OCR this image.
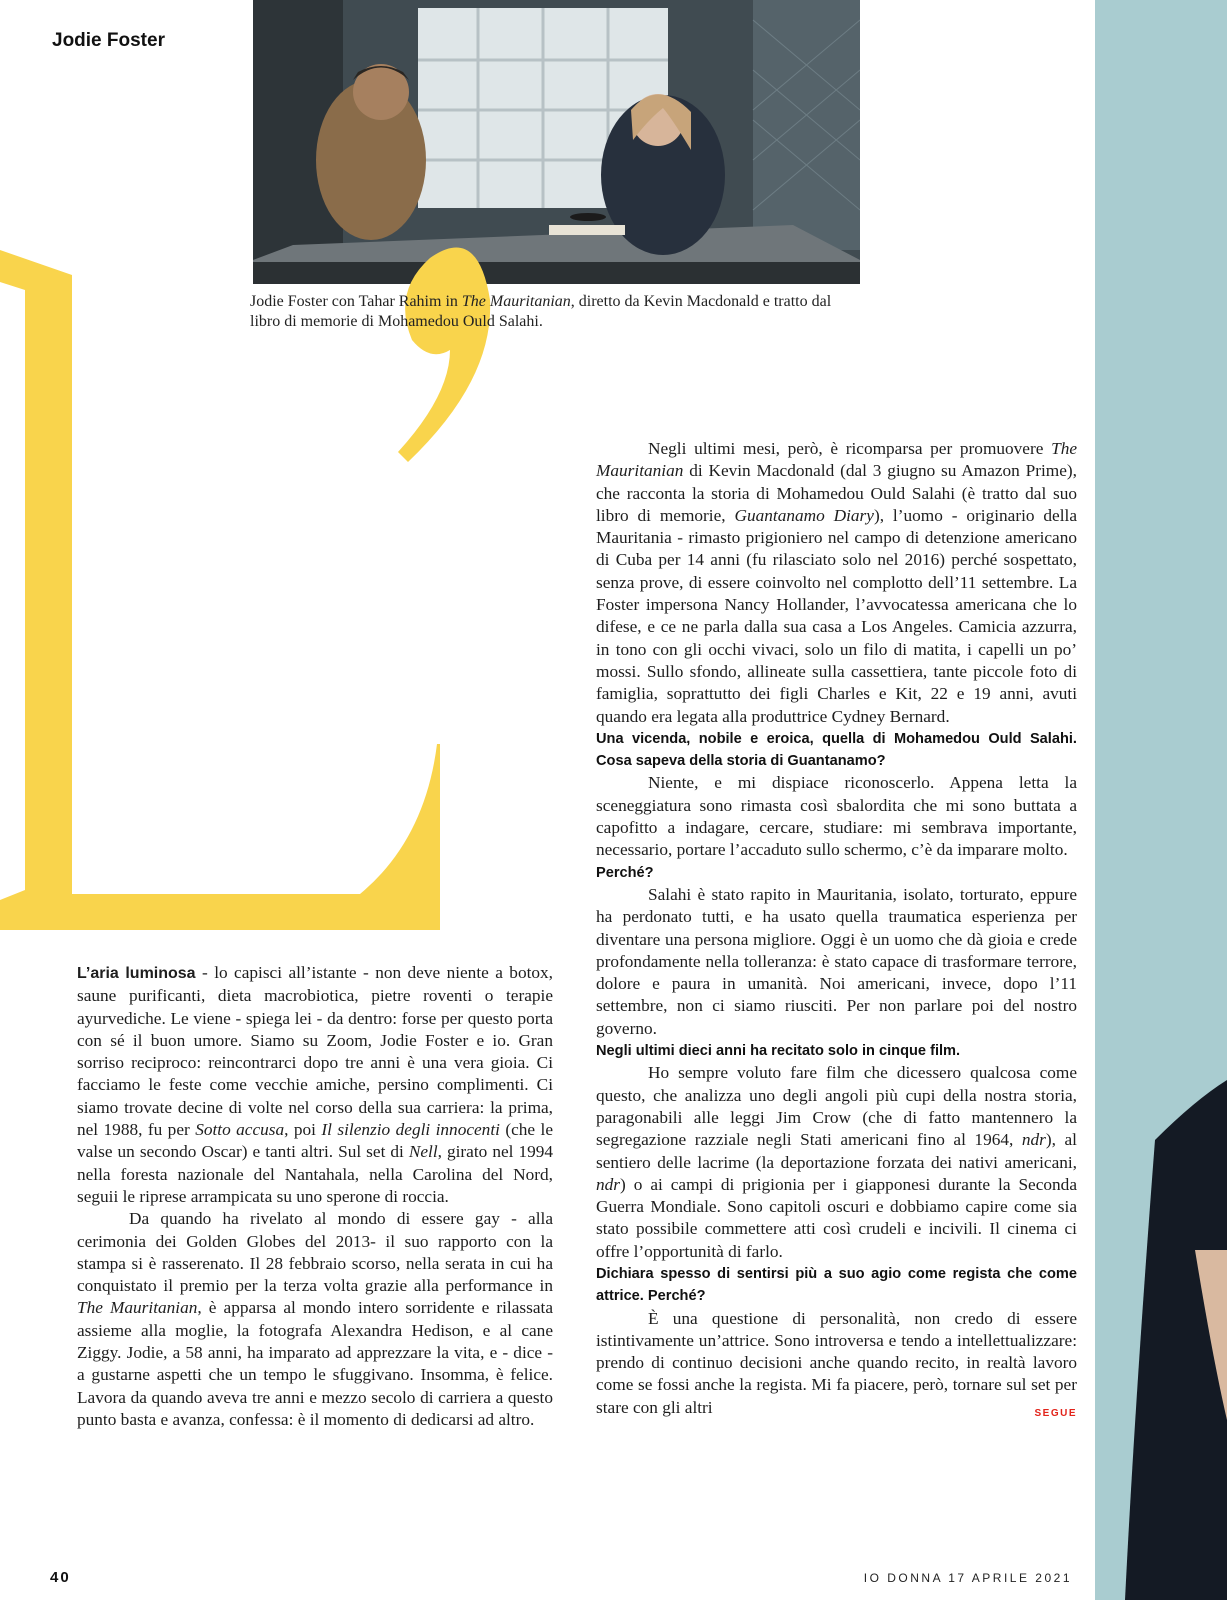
Jodie Foster
Jodie Foster con Tahar Rahim in The Mauritanian, diretto da Kevin Macdonald e tratto dal libro di memorie di Mohamedou Ould Salahi.

L’aria luminosa - lo capisci all’istante - non deve niente a botox, saune purificanti, dieta macrobiotica, pietre roventi o terapie ayurvediche. Le viene - spiega lei - da dentro: forse per questo porta con sé il buon umore. Siamo su Zoom, Jodie Foster e io. Gran sorriso reciproco: reincontrarci dopo tre anni è una vera gioia. Ci facciamo le feste come vecchie amiche, persino complimenti. Ci siamo trovate decine di volte nel corso della sua carriera: la prima, nel 1988, fu per Sotto accusa, poi Il silenzio degli innocenti (che le valse un secondo Oscar) e tanti altri. Sul set di Nell, girato nel 1994 nella foresta nazionale del Nantahala, nella Carolina del Nord, seguii le riprese arrampicata su uno sperone di roccia.

Da quando ha rivelato al mondo di essere gay - alla cerimonia dei Golden Globes del 2013- il suo rapporto con la stampa si è rasserenato. Il 28 febbraio scorso, nella serata in cui ha conquistato il premio per la terza volta grazie alla performance in The Mauritanian, è apparsa al mondo intero sorridente e rilassata assieme alla moglie, la fotografa Alexandra Hedison, e al cane Ziggy. Jodie, a 58 anni, ha imparato ad apprezzare la vita, e - dice - a gustarne aspetti che un tempo le sfuggivano. Insomma, è felice. Lavora da quando aveva tre anni e mezzo secolo di carriera a questo punto basta e avanza, confessa: è il momento di dedicarsi ad altro.

Negli ultimi mesi, però, è ricomparsa per promuovere The Mauritanian di Kevin Macdonald (dal 3 giugno su Amazon Prime), che racconta la storia di Mohamedou Ould Salahi (è tratto dal suo libro di memorie, Guantanamo Diary), l’uomo - originario della Mauritania - rimasto prigioniero nel campo di detenzione americano di Cuba per 14 anni (fu rilasciato solo nel 2016) perché sospettato, senza prove, di essere coinvolto nel complotto dell’11 settembre. La Foster impersona Nancy Hollander, l’avvocatessa americana che lo difese, e ce ne parla dalla sua casa a Los Angeles. Camicia azzurra, in tono con gli occhi vivaci, solo un filo di matita, i capelli un po’ mossi. Sullo sfondo, allineate sulla cassettiera, tante piccole foto di famiglia, soprattutto dei figli Charles e Kit, 22 e 19 anni, avuti quando era legata alla produttrice Cydney Bernard.

Una vicenda, nobile e eroica, quella di Mohamedou Ould Salahi. Cosa sapeva della storia di Guantanamo?

Niente, e mi dispiace riconoscerlo. Appena letta la sceneggiatura sono rimasta così sbalordita che mi sono buttata a capofitto a indagare, cercare, studiare: mi sembrava importante, necessario, portare l’accaduto sullo schermo, c’è da imparare molto.

Perché?

Salahi è stato rapito in Mauritania, isolato, torturato, eppure ha perdonato tutti, e ha usato quella traumatica esperienza per diventare una persona migliore. Oggi è un uomo che dà gioia e crede profondamente nella tolleranza: è stato capace di trasformare terrore, dolore e paura in umanità. Noi americani, invece, dopo l’11 settembre, non ci siamo riusciti. Per non parlare poi del nostro governo.

Negli ultimi dieci anni ha recitato solo in cinque film.

Ho sempre voluto fare film che dicessero qualcosa come questo, che analizza uno degli angoli più cupi della nostra storia, paragonabili alle leggi Jim Crow (che di fatto mantennero la segregazione razziale negli Stati americani fino al 1964, ndr), al sentiero delle lacrime (la deportazione forzata dei nativi americani, ndr) o ai campi di prigionia per i giapponesi durante la Seconda Guerra Mondiale. Sono capitoli oscuri e dobbiamo capire come sia stato possibile commettere atti così crudeli e incivili. Il cinema ci offre l’opportunità di farlo.

Dichiara spesso di sentirsi più a suo agio come regista che come attrice. Perché?

È una questione di personalità, non credo di essere istintivamente un’attrice. Sono introversa e tendo a intellettualizzare: prendo di continuo decisioni anche quando recito, in realtà lavoro come se fossi anche la regista. Mi fa piacere, però, tornare sul set per stare con gli altri	SEGUE

40	IO DONNA 17 APRILE 2021
